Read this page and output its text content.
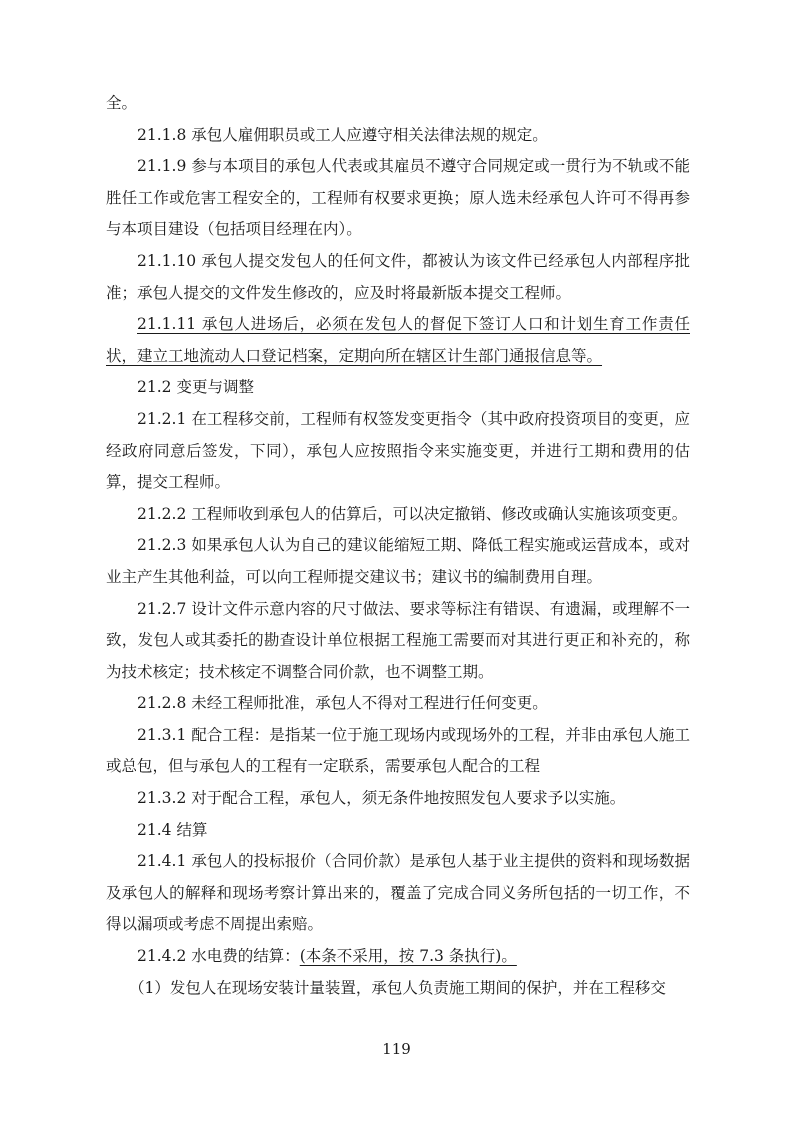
全。

21.1.8 承包人雇佣职员或工人应遵守相关法律法规的规定。

21.1.9 参与本项目的承包人代表或其雇员不遵守合同规定或一贯行为不轨或不能胜任工作或危害工程安全的，工程师有权要求更换；原人选未经承包人许可不得再参与本项目建设（包括项目经理在内）。

21.1.10 承包人提交发包人的任何文件，都被认为该文件已经承包人内部程序批准；承包人提交的文件发生修改的，应及时将最新版本提交工程师。

21.1.11 承包人进场后，必须在发包人的督促下签订人口和计划生育工作责任状，建立工地流动人口登记档案，定期向所在辖区计生部门通报信息等。

21.2 变更与调整

21.2.1 在工程移交前，工程师有权签发变更指令（其中政府投资项目的变更，应经政府同意后签发，下同），承包人应按照指令来实施变更，并进行工期和费用的估算，提交工程师。

21.2.2 工程师收到承包人的估算后，可以决定撤销、修改或确认实施该项变更。

21.2.3 如果承包人认为自己的建议能缩短工期、降低工程实施或运营成本，或对业主产生其他利益，可以向工程师提交建议书；建议书的编制费用自理。

21.2.7 设计文件示意内容的尺寸做法、要求等标注有错误、有遗漏，或理解不一致，发包人或其委托的勘查设计单位根据工程施工需要而对其进行更正和补充的，称为技术核定；技术核定不调整合同价款，也不调整工期。

21.2.8 未经工程师批准，承包人不得对工程进行任何变更。

21.3.1 配合工程：是指某一位于施工现场内或现场外的工程，并非由承包人施工或总包，但与承包人的工程有一定联系，需要承包人配合的工程

21.3.2 对于配合工程，承包人，须无条件地按照发包人要求予以实施。

21.4 结算

21.4.1 承包人的投标报价（合同价款）是承包人基于业主提供的资料和现场数据及承包人的解释和现场考察计算出来的，覆盖了完成合同义务所包括的一切工作，不得以漏项或考虑不周提出索赔。

21.4.2 水电费的结算：(本条不采用，按 7.3 条执行)。

（1）发包人在现场安装计量装置，承包人负责施工期间的保护，并在工程移交

119
